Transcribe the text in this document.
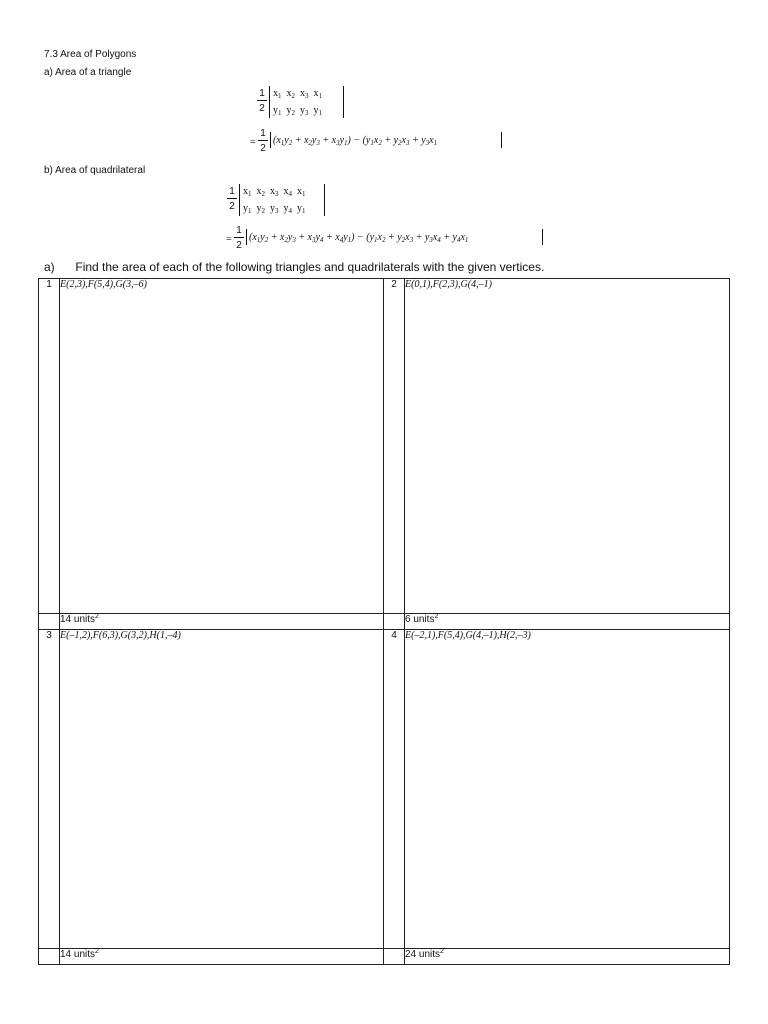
7.3 Area of Polygons
a) Area of a triangle
1
2
$x_1$ $x_2$ $x_3$ $x_1$
$y_1$ $y_2$ $y_3$ $y_1$
=
1
2
$(x_1y_2 + x_2y_3 + x_3y_1) - (y_1x_2 + y_2x_3 + y_3x_1$
b) Area of quadrilateral
1
2
$x_1$ $x_2$ $x_3$ $x_4$ $x_1$
$y_1$ $y_2$ $y_3$ $y_4$ $y_1$
=
1
2
$(x_1y_2 + x_2y_3 + x_3y_4 + x_4y_1) - (y_1x_2 + y_2x_3 + y_3x_4 + y_4x_1$
a) Find the area of each of the following triangles and quadrilaterals with the given vertices.
1	E(2,3),F(5,4),G(3,–6)	2	E(0,1),F(2,3),G(4,–1)
	14 units$^2$		6 units$^2$
3	E(–1,2),F(6,3),G(3,2),H(1,–4)	4	E(–2,1),F(5,4),G(4,–1),H(2,–3)
	14 units$^2$		24 units$^2$
